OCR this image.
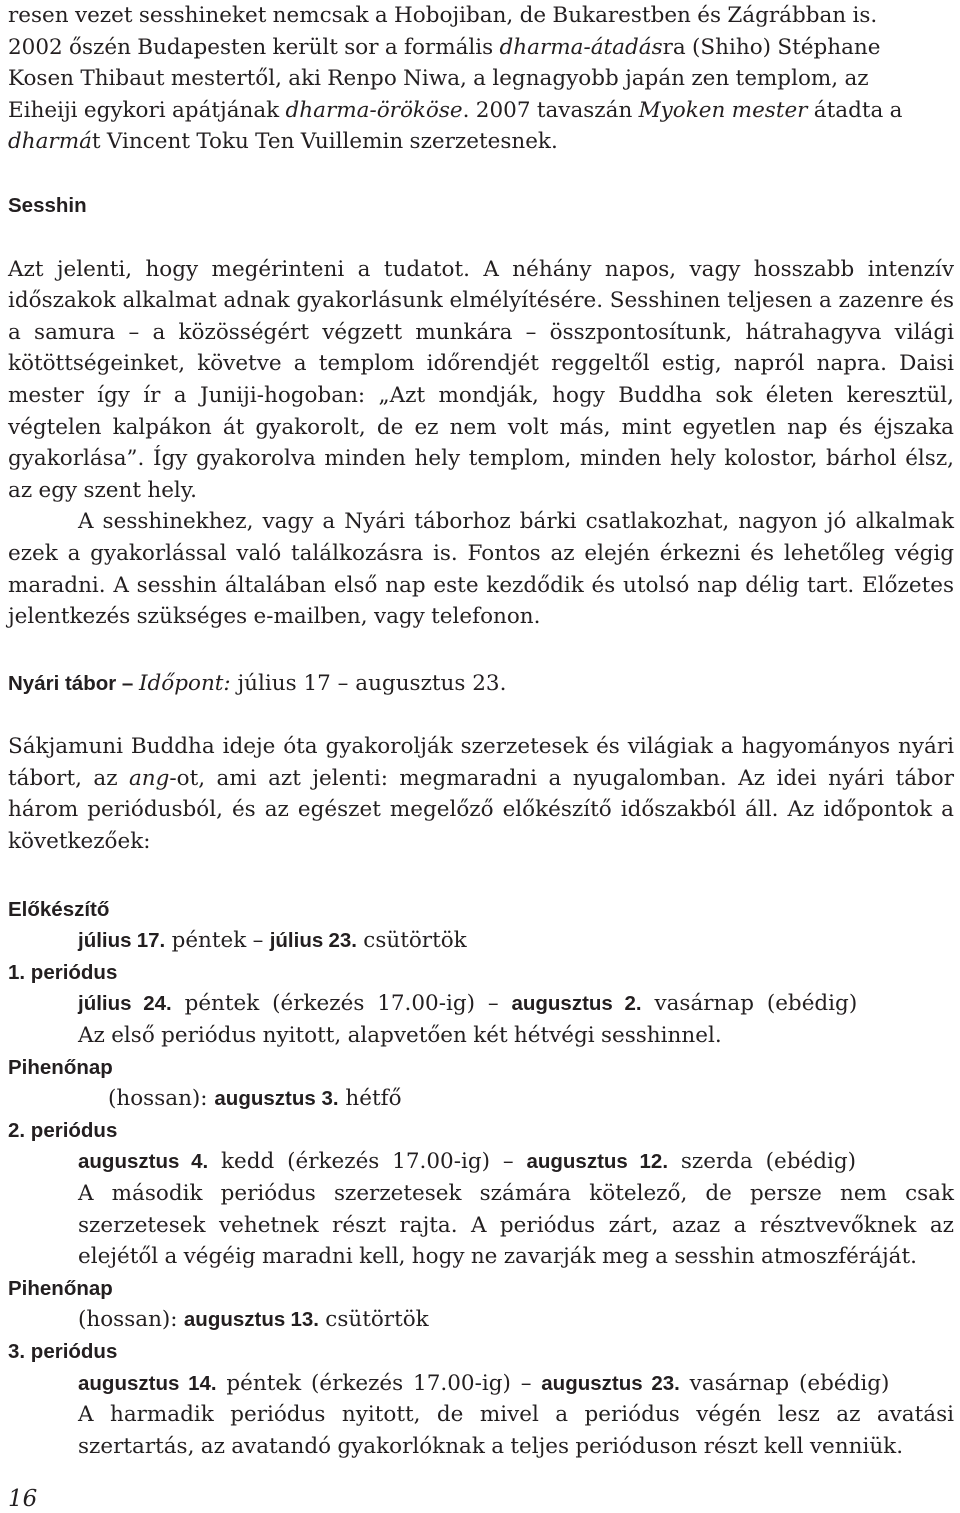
resen vezet sesshineket nemcsak a Hobojiban, de Bukarestben és Zágrábban is.

2002 őszén Budapesten került sor a formális dharma-átadásra (Shiho) Stéphane

Kosen Thibaut mestertől, aki Renpo Niwa, a legnagyobb japán zen templom, az

Eiheiji egykori apátjának dharma-örököse. 2007 tavaszán Myoken mester átadta a

dharmát Vincent Toku Ten Vuillemin szerzetesnek.

Sesshin

Azt jelenti, hogy megérinteni a tudatot. A néhány napos, vagy hosszabb intenzív időszakok alkalmat adnak gyakorlásunk elmélyítésére. Sesshinen teljesen a zazenre és a samura – a közösségért végzett munkára – összpontosítunk, hátrahagyva világi kötöttségeinket, követve a templom időrendjét reggeltől estig, napról napra. Daisi mester így ír a Juniji-hogoban: „Azt mondják, hogy Buddha sok életen keresztül, végtelen kalpákon át gyakorolt, de ez nem volt más, mint egyetlen nap és éjszaka gyakorlása”. Így gyakorolva minden hely templom, minden hely kolostor, bárhol élsz, az egy szent hely.

A sesshinekhez, vagy a Nyári táborhoz bárki csatlakozhat, nagyon jó alkalmak ezek a gyakorlással való találkozásra is. Fontos az elején érkezni és lehetőleg végig maradni. A sesshin általában első nap este kezdődik és utolsó nap délig tart. Előzetes jelentkezés szükséges e-mailben, vagy telefonon.

Nyári tábor – Időpont: július 17 – augusztus 23.

Sákjamuni Buddha ideje óta gyakorolják szerzetesek és világiak a hagyományos nyári tábort, az ang-ot, ami azt jelenti: megmaradni a nyugalomban. Az idei nyári tábor három periódusból, és az egészet megelőző előkészítő időszakból áll. Az időpontok a következőek:

Előkészítő

július 17. péntek – július 23. csütörtök

1. periódus

július 24. péntek (érkezés 17.00-ig) – augusztus 2. vasárnap (ebédig)

Az első periódus nyitott, alapvetően két hétvégi sesshinnel.

Pihenőnap

(hossan): augusztus 3. hétfő

2. periódus

augusztus 4. kedd (érkezés 17.00-ig) – augusztus 12. szerda (ebédig)

A második periódus szerzetesek számára kötelező, de persze nem csak szerzetesek vehetnek részt rajta. A periódus zárt, azaz a résztvevőknek az elejétől a végéig maradni kell, hogy ne zavarják meg a sesshin atmoszféráját.

Pihenőnap

(hossan): augusztus 13. csütörtök

3. periódus

augusztus 14. péntek (érkezés 17.00-ig) – augusztus 23. vasárnap (ebédig)

A harmadik periódus nyitott, de mivel a periódus végén lesz az avatási szertartás, az avatandó gyakorlóknak a teljes perióduson részt kell venniük.

16
